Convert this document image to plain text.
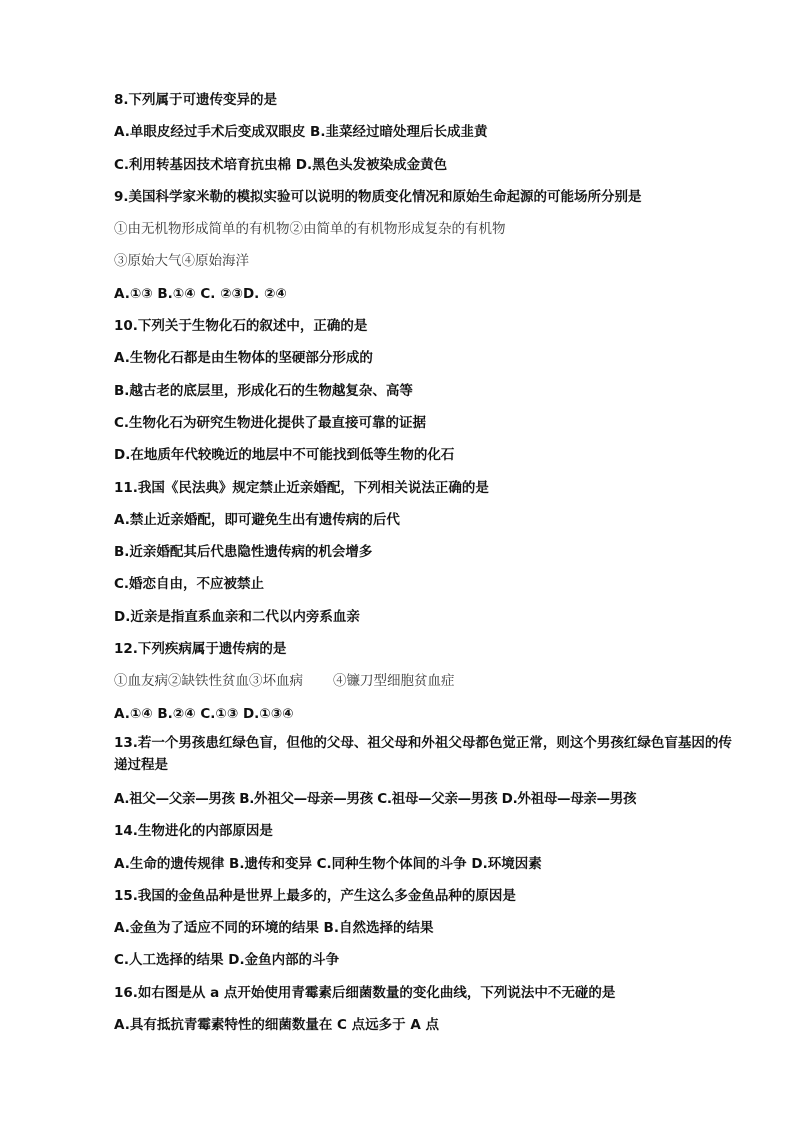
8.下列属于可遗传变异的是
A.单眼皮经过手术后变成双眼皮 B.韭菜经过暗处理后长成韭黄
C.利用转基因技术培育抗虫棉 D.黑色头发被染成金黄色
9.美国科学家米勒的模拟实验可以说明的物质变化情况和原始生命起源的可能场所分别是
①由无机物形成简单的有机物②由简单的有机物形成复杂的有机物
③原始大气④原始海洋
A.①③ B.①④ C. ②③D. ②④
10.下列关于生物化石的叙述中，正确的是
A.生物化石都是由生物体的坚硬部分形成的
B.越古老的底层里，形成化石的生物越复杂、高等
C.生物化石为研究生物进化提供了最直接可靠的证据
D.在地质年代较晚近的地层中不可能找到低等生物的化石
11.我国《民法典》规定禁止近亲婚配，下列相关说法正确的是
A.禁止近亲婚配，即可避免生出有遗传病的后代
B.近亲婚配其后代患隐性遗传病的机会增多
C.婚恋自由，不应被禁止
D.近亲是指直系血亲和二代以内旁系血亲
12.下列疾病属于遗传病的是
①血友病②缺铁性贫血③坏血病       ④镰刀型细胞贫血症
A.①④ B.②④ C.①③ D.①③④
13.若一个男孩患红绿色盲，但他的父母、祖父母和外祖父母都色觉正常，则这个男孩红绿色盲基因的传递过程是
A.祖父—父亲—男孩 B.外祖父—母亲—男孩 C.祖母—父亲—男孩 D.外祖母—母亲—男孩
14.生物进化的内部原因是
A.生命的遗传规律 B.遗传和变异 C.同种生物个体间的斗争 D.环境因素
15.我国的金鱼品种是世界上最多的，产生这么多金鱼品种的原因是
A.金鱼为了适应不同的环境的结果 B.自然选择的结果
C.人工选择的结果 D.金鱼内部的斗争
16.如右图是从 a 点开始使用青霉素后细菌数量的变化曲线，下列说法中不无碰的是
A.具有抵抗青霉素特性的细菌数量在 C 点远多于 A 点
